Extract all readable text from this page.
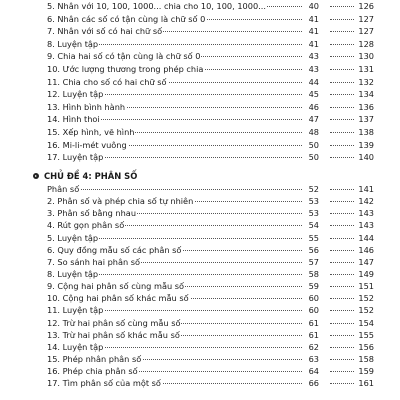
5. Nhân với 10, 100, 1000... chia cho 10, 100, 1000...	40	126
6. Nhân các số có tận cùng là chữ số 0	41	127
7. Nhân với số có hai chữ số	41	127
8. Luyện tập	41	128
9. Chia hai số có tận cùng là chữ số 0	43	130
10. Ước lượng thương trong phép chia	43	131
11. Chia cho số có hai chữ số	44	132
12. Luyện tập	45	134
13. Hình bình hành	46	136
14. Hình thoi	47	137
15. Xếp hình, vẽ hình	48	138
16. Mi-li-mét vuông	50	139
17. Luyện tập	50	140
CHỦ ĐỀ 4: PHÂN SỐ
Phân số	52	141
2. Phân số và phép chia số tự nhiên	53	142
3. Phân số bằng nhau	53	143
4. Rút gọn phân số	54	143
5. Luyện tập	55	144
6. Quy đồng mẫu số các phân số	56	146
7. So sánh hai phân số	57	147
8. Luyện tập	58	149
9. Cộng hai phân số cùng mẫu số	59	151
10. Cộng hai phân số khác mẫu số	60	152
11. Luyện tập	60	152
12. Trừ hai phân số cùng mẫu số	61	154
13. Trừ hai phân số khác mẫu số	61	155
14. Luyện tập	62	156
15. Phép nhân phân số	63	158
16. Phép chia phân số	64	159
17. Tìm phân số của một số	66	161
